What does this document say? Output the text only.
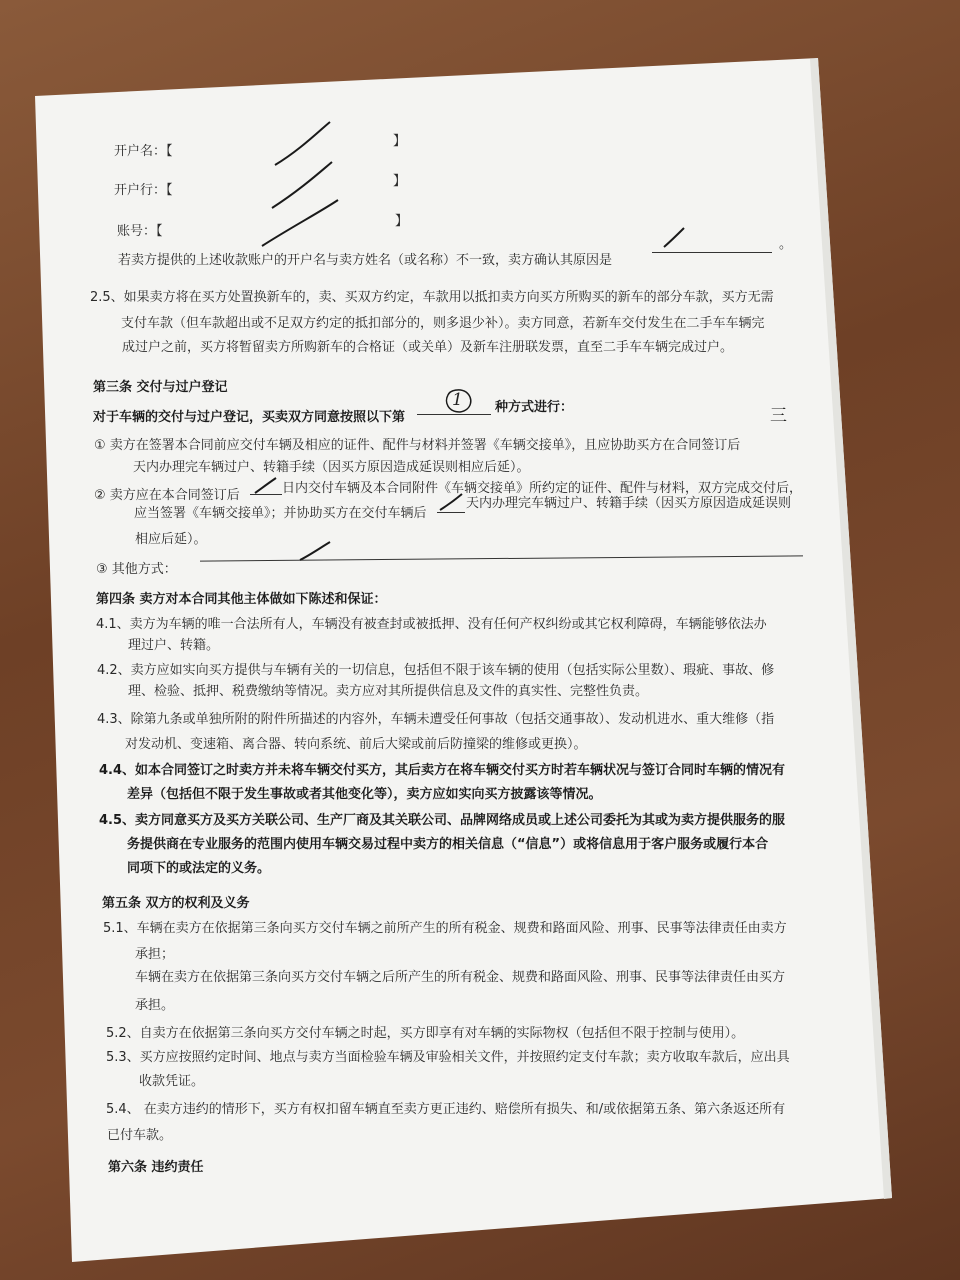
开户名：【
】
开户行：【
】
账号：【
】
若卖方提供的上述收款账户的开户名与卖方姓名（或名称）不一致，卖方确认其原因是
。
2.5、如果卖方将在买方处置换新车的，卖、买双方约定，车款用以抵扣卖方向买方所购买的新车的部分车款，买方无需
支付车款（但车款超出或不足双方约定的抵扣部分的，则多退少补）。卖方同意，若新车交付发生在二手车车辆完
成过户之前，买方将暂留卖方所购新车的合格证（或关单）及新车注册联发票，直至二手车车辆完成过户。
第三条 交付与过户登记
对于车辆的交付与过户登记，买卖双方同意按照以下第
1 种方式进行：
① 卖方在签署本合同前应交付车辆及相应的证件、配件与材料并签署《车辆交接单》，且应协助买方在合同签订后
三
天内办理完车辆过户、转籍手续（因买方原因造成延误则相应后延）。
② 卖方应在本合同签订后	日内交付车辆及本合同附件《车辆交接单》所约定的证件、配件与材料，双方完成交付后，
天内办理完车辆过户、转籍手续（因买方原因造成延误则
应当签署《车辆交接单》；并协助买方在交付车辆后
相应后延）。
③ 其他方式：
第四条 卖方对本合同其他主体做如下陈述和保证：
4.1、卖方为车辆的唯一合法所有人，车辆没有被查封或被抵押、没有任何产权纠纷或其它权利障碍，车辆能够依法办
理过户、转籍。
4.2、卖方应如实向买方提供与车辆有关的一切信息，包括但不限于该车辆的使用（包括实际公里数）、瑕疵、事故、修
理、检验、抵押、税费缴纳等情况。卖方应对其所提供信息及文件的真实性、完整性负责。
4.3、除第九条或单独所附的附件所描述的内容外，车辆未遭受任何事故（包括交通事故）、发动机进水、重大维修（指
对发动机、变速箱、离合器、转向系统、前后大梁或前后防撞梁的维修或更换）。
4.4、如本合同签订之时卖方并未将车辆交付买方，其后卖方在将车辆交付买方时若车辆状况与签订合同时车辆的情况有
差异（包括但不限于发生事故或者其他变化等），卖方应如实向买方披露该等情况。
4.5、卖方同意买方及买方关联公司、生产厂商及其关联公司、品牌网络成员或上述公司委托为其或为卖方提供服务的服
务提供商在专业服务的范围内使用车辆交易过程中卖方的相关信息（“信息”）或将信息用于客户服务或履行本合
同项下的或法定的义务。
第五条 双方的权利及义务
5.1、车辆在卖方在依据第三条向买方交付车辆之前所产生的所有税金、规费和路面风险、刑事、民事等法律责任由卖方
承担；
车辆在卖方在依据第三条向买方交付车辆之后所产生的所有税金、规费和路面风险、刑事、民事等法律责任由买方
承担。
5.2、自卖方在依据第三条向买方交付车辆之时起，买方即享有对车辆的实际物权（包括但不限于控制与使用）。
5.3、买方应按照约定时间、地点与卖方当面检验车辆及审验相关文件，并按照约定支付车款；卖方收取车款后，应出具
收款凭证。
5.4、 在卖方违约的情形下，买方有权扣留车辆直至卖方更正违约、赔偿所有损失、和/或依据第五条、第六条返还所有
已付车款。
第六条 违约责任
